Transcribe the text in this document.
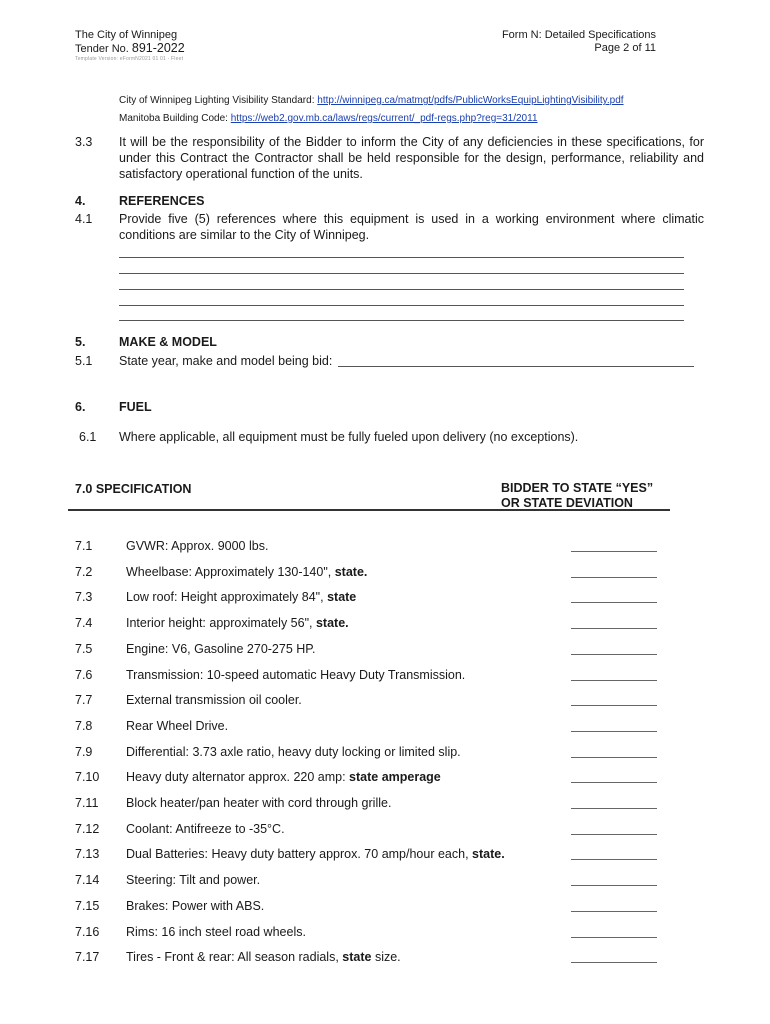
The City of Winnipeg
Tender No. 891-2022
Template Version: eFormN2021 01 01 - Fleet
Form N: Detailed Specifications
Page 2 of 11
City of Winnipeg Lighting Visibility Standard: http://winnipeg.ca/matmgt/pdfs/PublicWorksEquipLightingVisibility.pdf
Manitoba Building Code: https://web2.gov.mb.ca/laws/regs/current/_pdf-regs.php?reg=31/2011
3.3 It will be the responsibility of the Bidder to inform the City of any deficiencies in these specifications, for
under this Contract the Contractor shall be held responsible for the design, performance, reliability and
satisfactory operational function of the units.
4.	REFERENCES
4.1 Provide five (5) references where this equipment is used in a working environment where climatic
conditions are similar to the City of Winnipeg.
5.	MAKE & MODEL
5.1 State year, make and model being bid:
6.	FUEL
6.1 Where applicable, all equipment must be fully fueled upon delivery (no exceptions).
7.0 SPECIFICATION	BIDDER TO STATE “YES”
OR STATE DEVIATION
7.1	GVWR: Approx. 9000 lbs.
7.2	Wheelbase: Approximately 130-140", state.
7.3	Low roof: Height approximately 84", state
7.4	Interior height: approximately 56", state.
7.5	Engine: V6, Gasoline 270-275 HP.
7.6	Transmission: 10-speed automatic Heavy Duty Transmission.
7.7	External transmission oil cooler.
7.8	Rear Wheel Drive.
7.9	Differential: 3.73 axle ratio, heavy duty locking or limited slip.
7.10 Heavy duty alternator approx. 220 amp: state amperage
7.11 Block heater/pan heater with cord through grille.
7.12 Coolant: Antifreeze to -35°C.
7.13 Dual Batteries: Heavy duty battery approx. 70 amp/hour each, state.
7.14 Steering: Tilt and power.
7.15 Brakes: Power with ABS.
7.16 Rims: 16 inch steel road wheels.
7.17 Tires - Front & rear: All season radials, state size.
